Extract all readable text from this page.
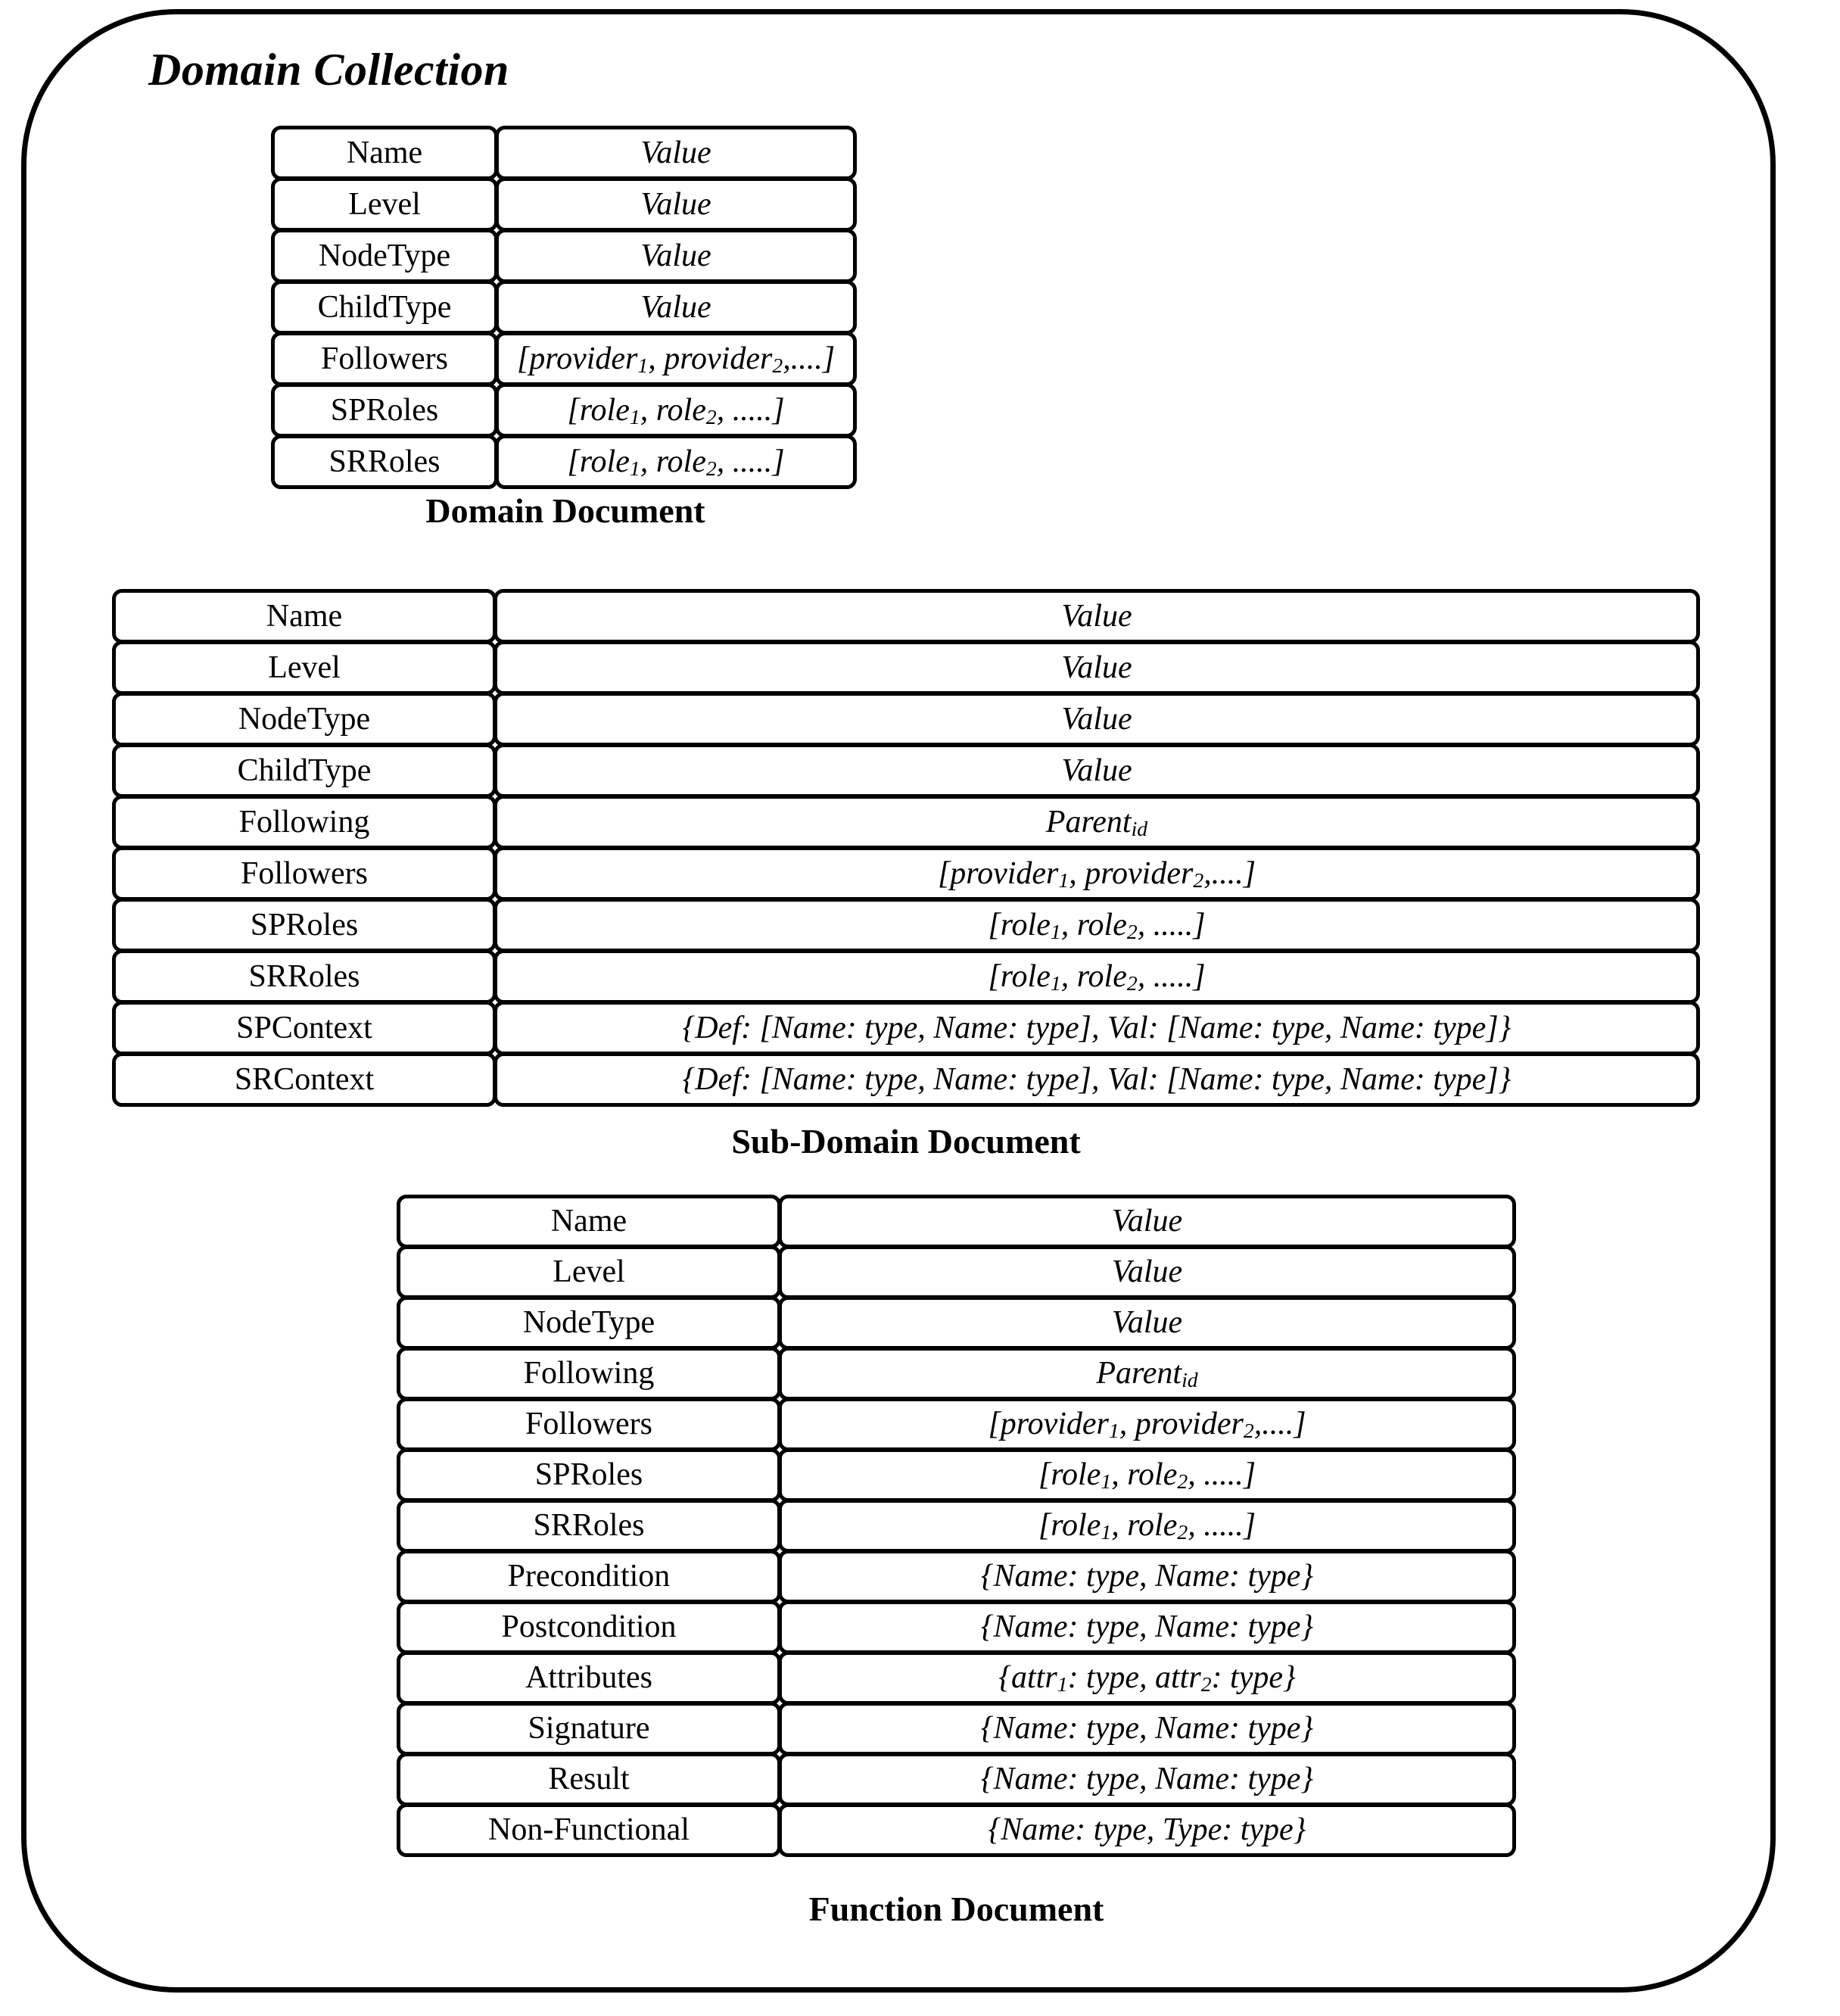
Domain Collection
Name	Value
Level	Value
NodeType	Value
ChildType	Value
Followers	[provider$_1$ , provider$_2$ ,....]
SPRoles	[role$_1$ , role$_2$ , .....]
SRRoles	[role$_1$ , role$_2$ , .....]
Domain Document
Name	Value
Level	Value
NodeType	Value
ChildType	Value
Following	Parent$_{id}$
Followers	[provider$_1$ , provider$_2$ ,....]
SPRoles	[role$_1$ , role$_2$ , .....]
SRRoles	[role$_1$ , role$_2$ , .....]
SPContext	{Def: [Name: type, Name: type], Val: [Name: type, Name: type]}
SRContext	{Def: [Name: type, Name: type], Val: [Name: type, Name: type]}
Sub-Domain Document
Name	Value
Level	Value
NodeType	Value
Following	Parent$_{id}$
Followers	[provider$_1$ , provider$_2$ ,....]
SPRoles	[role$_1$ , role$_2$ , .....]
SRRoles	[role$_1$ , role$_2$ , .....]
Precondition	{Name: type, Name: type}
Postcondition	{Name: type, Name: type}
Attributes	{attr$_1$ : type, attr$_2$ : type}
Signature	{Name: type, Name: type}
Result	{Name: type, Name: type}
Non-Functional	{Name: type, Type: type}
Function Document
